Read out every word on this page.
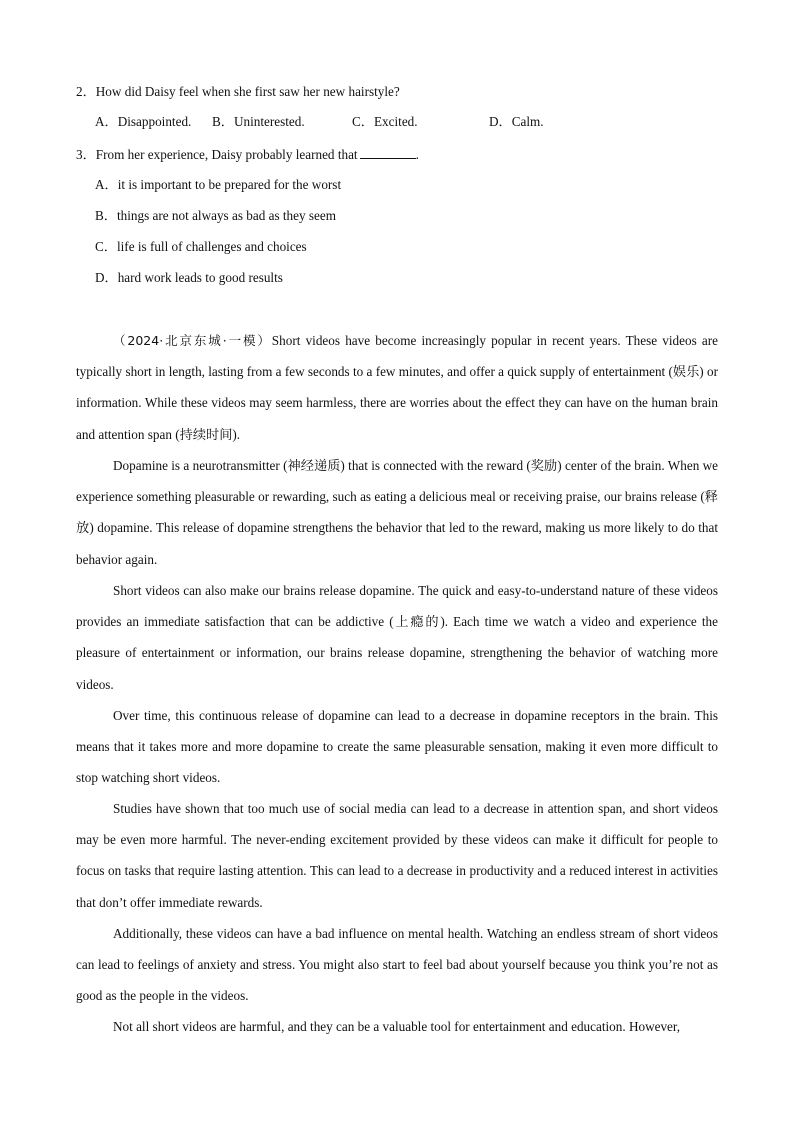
2．How did Daisy feel when she first saw her new hairstyle?
A．Disappointed. B．Uninterested.	C．Excited.	D．Calm.
3．From her experience, Daisy probably learned that	.
A．it is important to be prepared for the worst
B．things are not always as bad as they seem
C．life is full of challenges and choices
D．hard work leads to good results

（2024·北京东城·一模）Short videos have become increasingly popular in recent years. These videos are typically short in length, lasting from a few seconds to a few minutes, and offer a quick supply of entertainment (娱乐) or information. While these videos may seem harmless, there are worries about the effect they can have on the human brain and attention span (持续时间).

Dopamine is a neurotransmitter (神经递质) that is connected with the reward (奖励) center of the brain. When we experience something pleasurable or rewarding, such as eating a delicious meal or receiving praise, our brains release (释放) dopamine. This release of dopamine strengthens the behavior that led to the reward, making us more likely to do that behavior again.

Short videos can also make our brains release dopamine. The quick and easy-to-understand nature of these videos provides an immediate satisfaction that can be addictive (上瘾的). Each time we watch a video and experience the pleasure of entertainment or information, our brains release dopamine, strengthening the behavior of watching more videos.

Over time, this continuous release of dopamine can lead to a decrease in dopamine receptors in the brain. This means that it takes more and more dopamine to create the same pleasurable sensation, making it even more difficult to stop watching short videos.

Studies have shown that too much use of social media can lead to a decrease in attention span, and short videos may be even more harmful. The never-ending excitement provided by these videos can make it difficult for people to focus on tasks that require lasting attention. This can lead to a decrease in productivity and a reduced interest in activities that don’t offer immediate rewards.

Additionally, these videos can have a bad influence on mental health. Watching an endless stream of short videos can lead to feelings of anxiety and stress. You might also start to feel bad about yourself because you think you’re not as good as the people in the videos.

Not all short videos are harmful, and they can be a valuable tool for entertainment and education. However,
